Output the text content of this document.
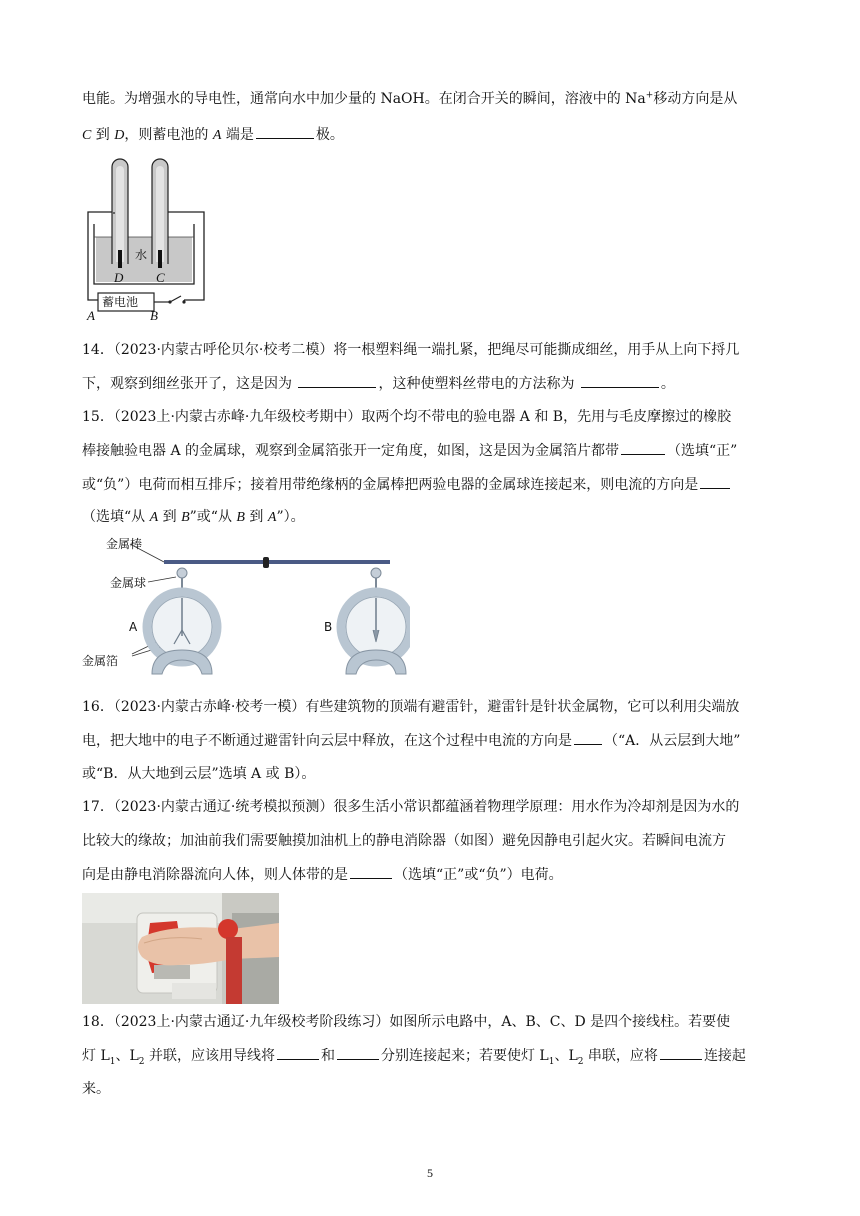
电能。为增强水的导电性，通常向水中加少量的 NaOH。在闭合开关的瞬间，溶液中的 Na+移动方向是从
C 到 D，则蓄电池的 A 端是	极。
水
D	C
蓄电池
A	B
14．（2023·内蒙古呼伦贝尔·校考二模）将一根塑料绳一端扎紧，把绳尽可能撕成细丝，用手从上向下捋几
下，观察到细丝张开了，这是因为	，这种使塑料丝带电的方法称为	。
15．（2023上·内蒙古赤峰·九年级校考期中）取两个均不带电的验电器 A 和 B，先用与毛皮摩擦过的橡胶
棒接触验电器 A 的金属球，观察到金属箔张开一定角度，如图，这是因为金属箔片都带	（选填“正”
或“负”）电荷而相互排斥；接着用带绝缘柄的金属棒把两验电器的金属球连接起来，则电流的方向是
（选填“从 A 到 B”或“从 B 到 A”）。
金属棒
金属球
A	B
金属箔
16．（2023·内蒙古赤峰·校考一模）有些建筑物的顶端有避雷针，避雷针是针状金属物，它可以利用尖端放
电，把大地中的电子不断通过避雷针向云层中释放，在这个过程中电流的方向是 （“A．从云层到大地”
或“B．从大地到云层”选填 A 或 B）。
17．（2023·内蒙古通辽·统考模拟预测）很多生活小常识都蕴涵着物理学原理：用水作为冷却剂是因为水的
比较大的缘故；加油前我们需要触摸加油机上的静电消除器（如图）避免因静电引起火灾。若瞬间电流方
向是由静电消除器流向人体，则人体带的是	（选填“正”或“负”）电荷。
18．（2023上·内蒙古通辽·九年级校考阶段练习）如图所示电路中，A、B、C、D 是四个接线柱。若要使
灯 $L_1$、$L_2$ 并联，应该用导线将	和	分别连接起来；若要使灯 $L_1$、$L_2$ 串联，应将	连接起
来。
5
